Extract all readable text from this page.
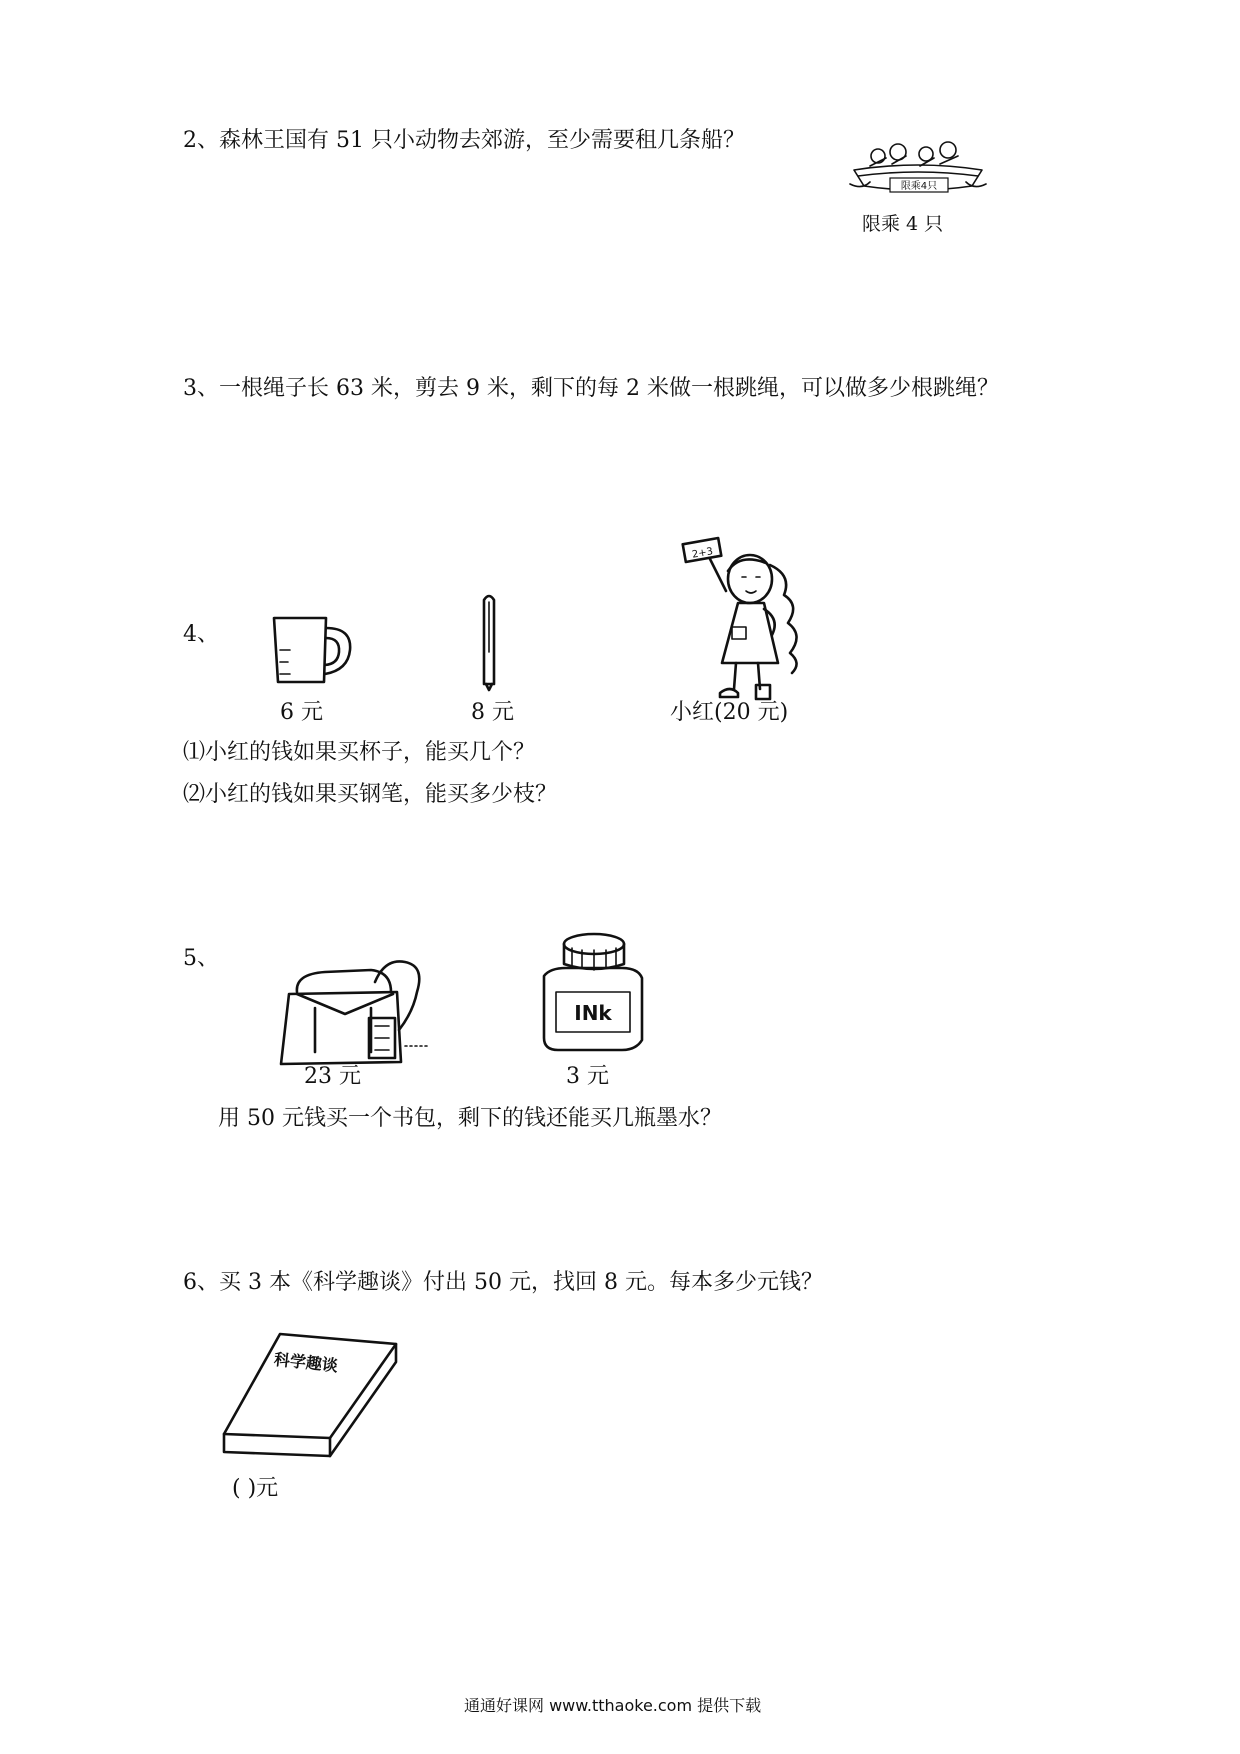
2、森林王国有 51 只小动物去郊游，至少需要租几条船？
限乘4只
限乘 4 只
3、一根绳子长 63 米，剪去 9 米，剩下的每 2 米做一根跳绳，可以做多少根跳绳？
4、
2+3
6 元	8 元	小红(20 元)
⑴小红的钱如果买杯子，能买几个？
⑵小红的钱如果买钢笔，能买多少枝？
5、
INk
23 元	3 元
用 50 元钱买一个书包，剩下的钱还能买几瓶墨水？
6、买 3 本《科学趣谈》付出 50 元，找回 8 元。每本多少元钱？
科学趣谈
( )元
通通好课网 www.tthaoke.com 提供下载
